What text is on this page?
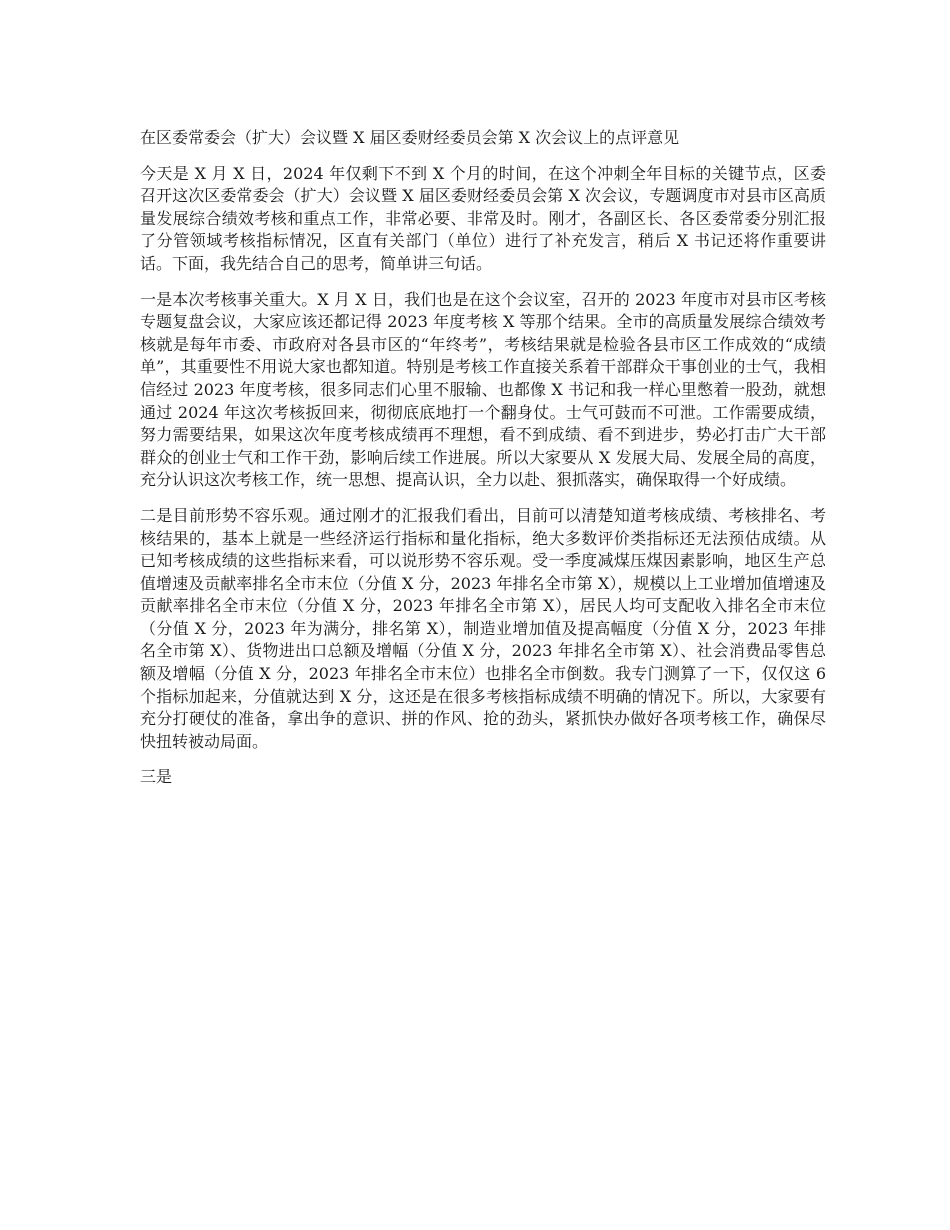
在区委常委会（扩大）会议暨 X 届区委财经委员会第 X 次会议上的点评意见

今天是 X 月 X 日，2024 年仅剩下不到 X 个月的时间，在这个冲刺全年目标的关键节点，区委召开这次区委常委会（扩大）会议暨 X 届区委财经委员会第 X 次会议，专题调度市对县市区高质量发展综合绩效考核和重点工作，非常必要、非常及时。刚才，各副区长、各区委常委分别汇报了分管领域考核指标情况，区直有关部门（单位）进行了补充发言，稍后 X 书记还将作重要讲话。下面，我先结合自己的思考，简单讲三句话。

一是本次考核事关重大。X 月 X 日，我们也是在这个会议室，召开的 2023 年度市对县市区考核专题复盘会议，大家应该还都记得 2023 年度考核 X 等那个结果。全市的高质量发展综合绩效考核就是每年市委、市政府对各县市区的“年终考”，考核结果就是检验各县市区工作成效的“成绩单”，其重要性不用说大家也都知道。特别是考核工作直接关系着干部群众干事创业的士气，我相信经过 2023 年度考核，很多同志们心里不服输、也都像 X 书记和我一样心里憋着一股劲，就想通过 2024 年这次考核扳回来，彻彻底底地打一个翻身仗。士气可鼓而不可泄。工作需要成绩，努力需要结果，如果这次年度考核成绩再不理想，看不到成绩、看不到进步，势必打击广大干部群众的创业士气和工作干劲，影响后续工作进展。所以大家要从 X 发展大局、发展全局的高度，充分认识这次考核工作，统一思想、提高认识，全力以赴、狠抓落实，确保取得一个好成绩。

二是目前形势不容乐观。通过刚才的汇报我们看出，目前可以清楚知道考核成绩、考核排名、考核结果的，基本上就是一些经济运行指标和量化指标，绝大多数评价类指标还无法预估成绩。从已知考核成绩的这些指标来看，可以说形势不容乐观。受一季度减煤压煤因素影响，地区生产总值增速及贡献率排名全市末位（分值 X 分，2023 年排名全市第 X），规模以上工业增加值增速及贡献率排名全市末位（分值 X 分，2023 年排名全市第 X），居民人均可支配收入排名全市末位（分值 X 分，2023 年为满分，排名第 X），制造业增加值及提高幅度（分值 X 分，2023 年排名全市第 X）、货物进出口总额及增幅（分值 X 分，2023 年排名全市第 X）、社会消费品零售总额及增幅（分值 X 分，2023 年排名全市末位）也排名全市倒数。我专门测算了一下，仅仅这 6 个指标加起来，分值就达到 X 分，这还是在很多考核指标成绩不明确的情况下。所以，大家要有充分打硬仗的准备，拿出争的意识、拼的作风、抢的劲头，紧抓快办做好各项考核工作，确保尽快扭转被动局面。

三是
